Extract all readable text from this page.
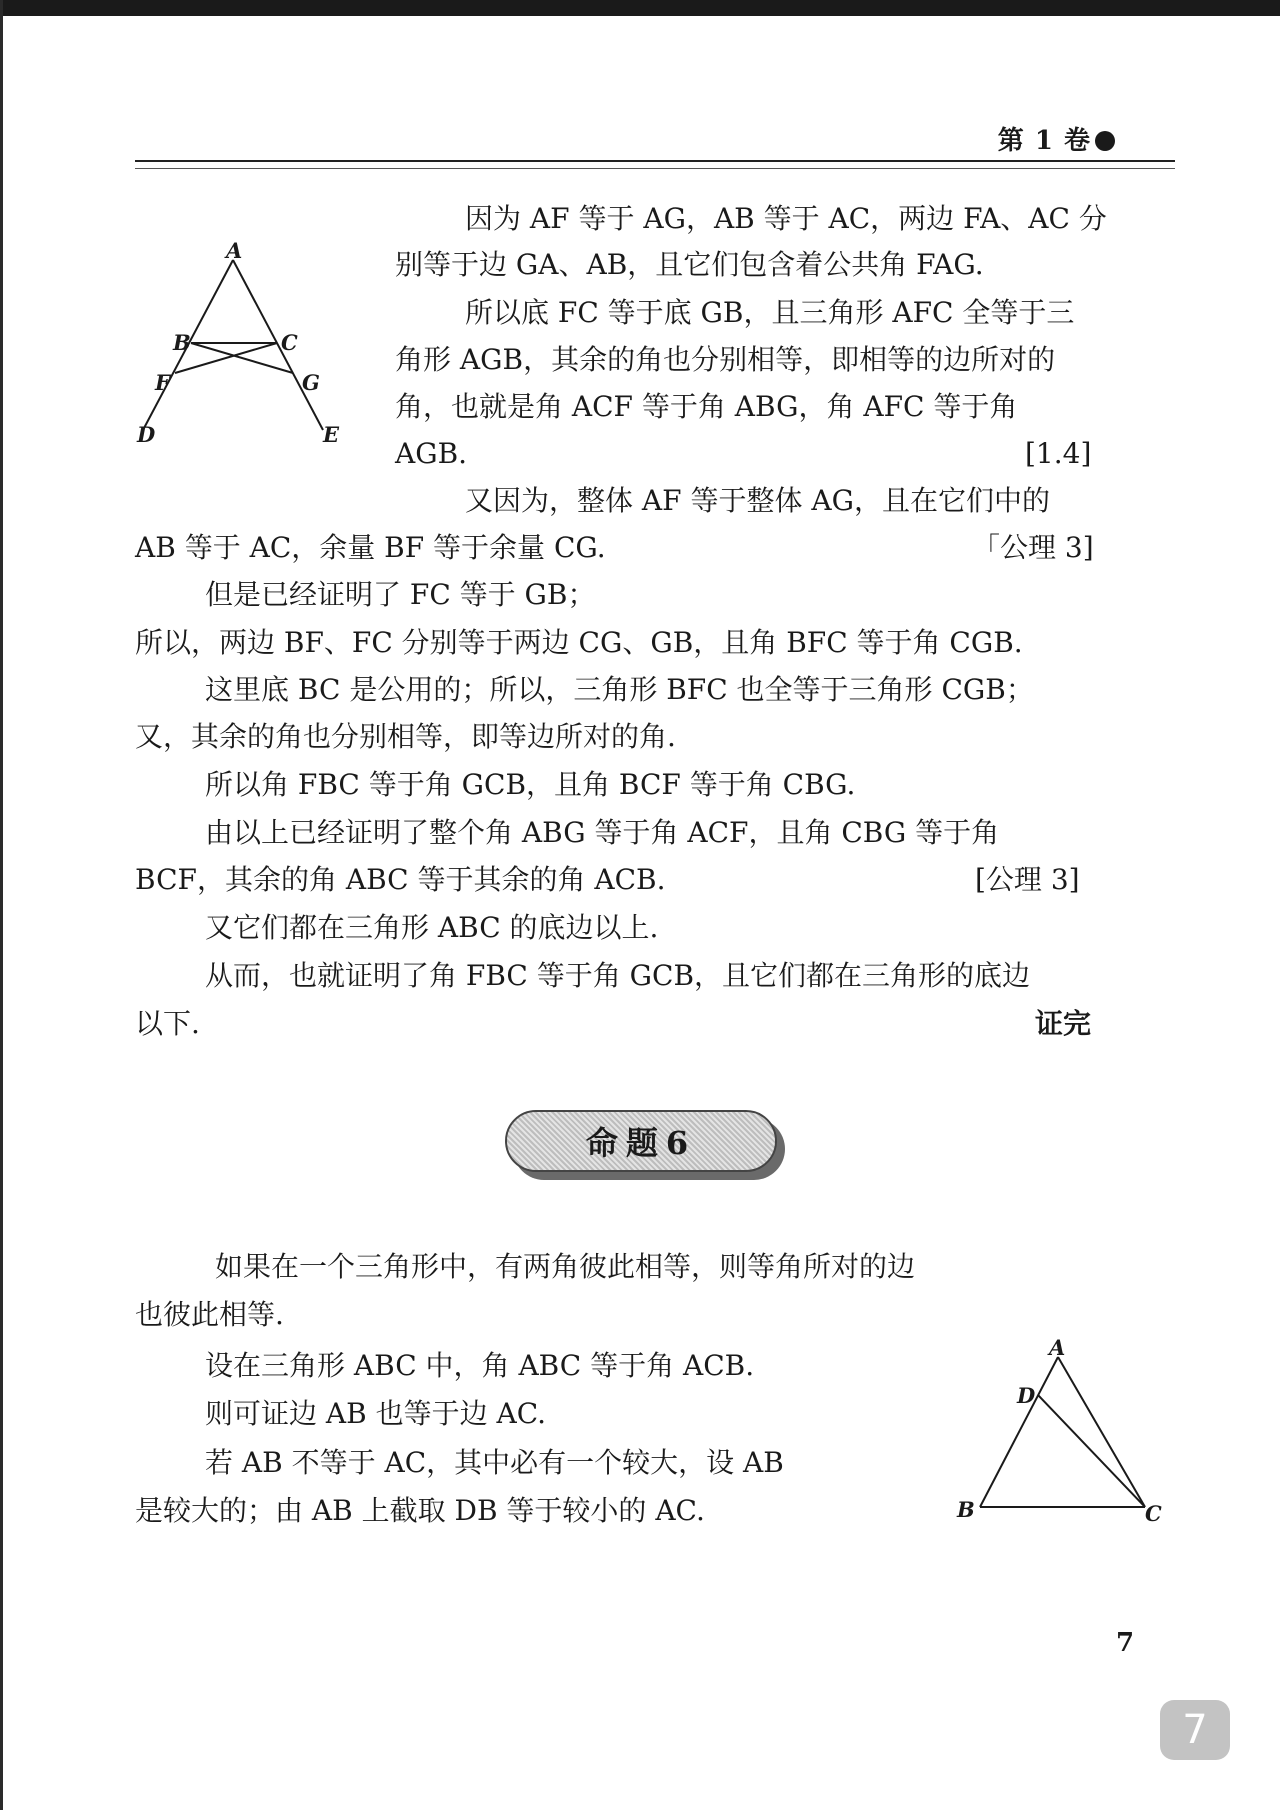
第 1 卷
A
B	C
F	G
D	E
因为 AF 等于 AG，AB 等于 AC，两边 FA、AC 分
别等于边 GA、AB，且它们包含着公共角 FAG.
所以底 FC 等于底 GB，且三角形 AFC 全等于三
角形 AGB，其余的角也分别相等，即相等的边所对的
角，也就是角 ACF 等于角 ABG，角 AFC 等于角
AGB.	[1.4]
又因为，整体 AF 等于整体 AG，且在它们中的
AB 等于 AC，余量 BF 等于余量 CG.	「公理 3]
但是已经证明了 FC 等于 GB；
所以，两边 BF、FC 分别等于两边 CG、GB，且角 BFC 等于角 CGB.
这里底 BC 是公用的；所以，三角形 BFC 也全等于三角形 CGB；
又，其余的角也分别相等，即等边所对的角.
所以角 FBC 等于角 GCB，且角 BCF 等于角 CBG.
由以上已经证明了整个角 ABG 等于角 ACF，且角 CBG 等于角
BCF，其余的角 ABC 等于其余的角 ACB.	[公理 3]
又它们都在三角形 ABC 的底边以上.
从而，也就证明了角 FBC 等于角 GCB，且它们都在三角形的底边
以下.	证完
命题6
如果在一个三角形中，有两角彼此相等，则等角所对的边
也彼此相等.
设在三角形 ABC 中，角 ABC 等于角 ACB.
则可证边 AB 也等于边 AC.
若 AB 不等于 AC，其中必有一个较大，设 AB
是较大的；由 AB 上截取 DB 等于较小的 AC.
A
D
B	C
7
7
